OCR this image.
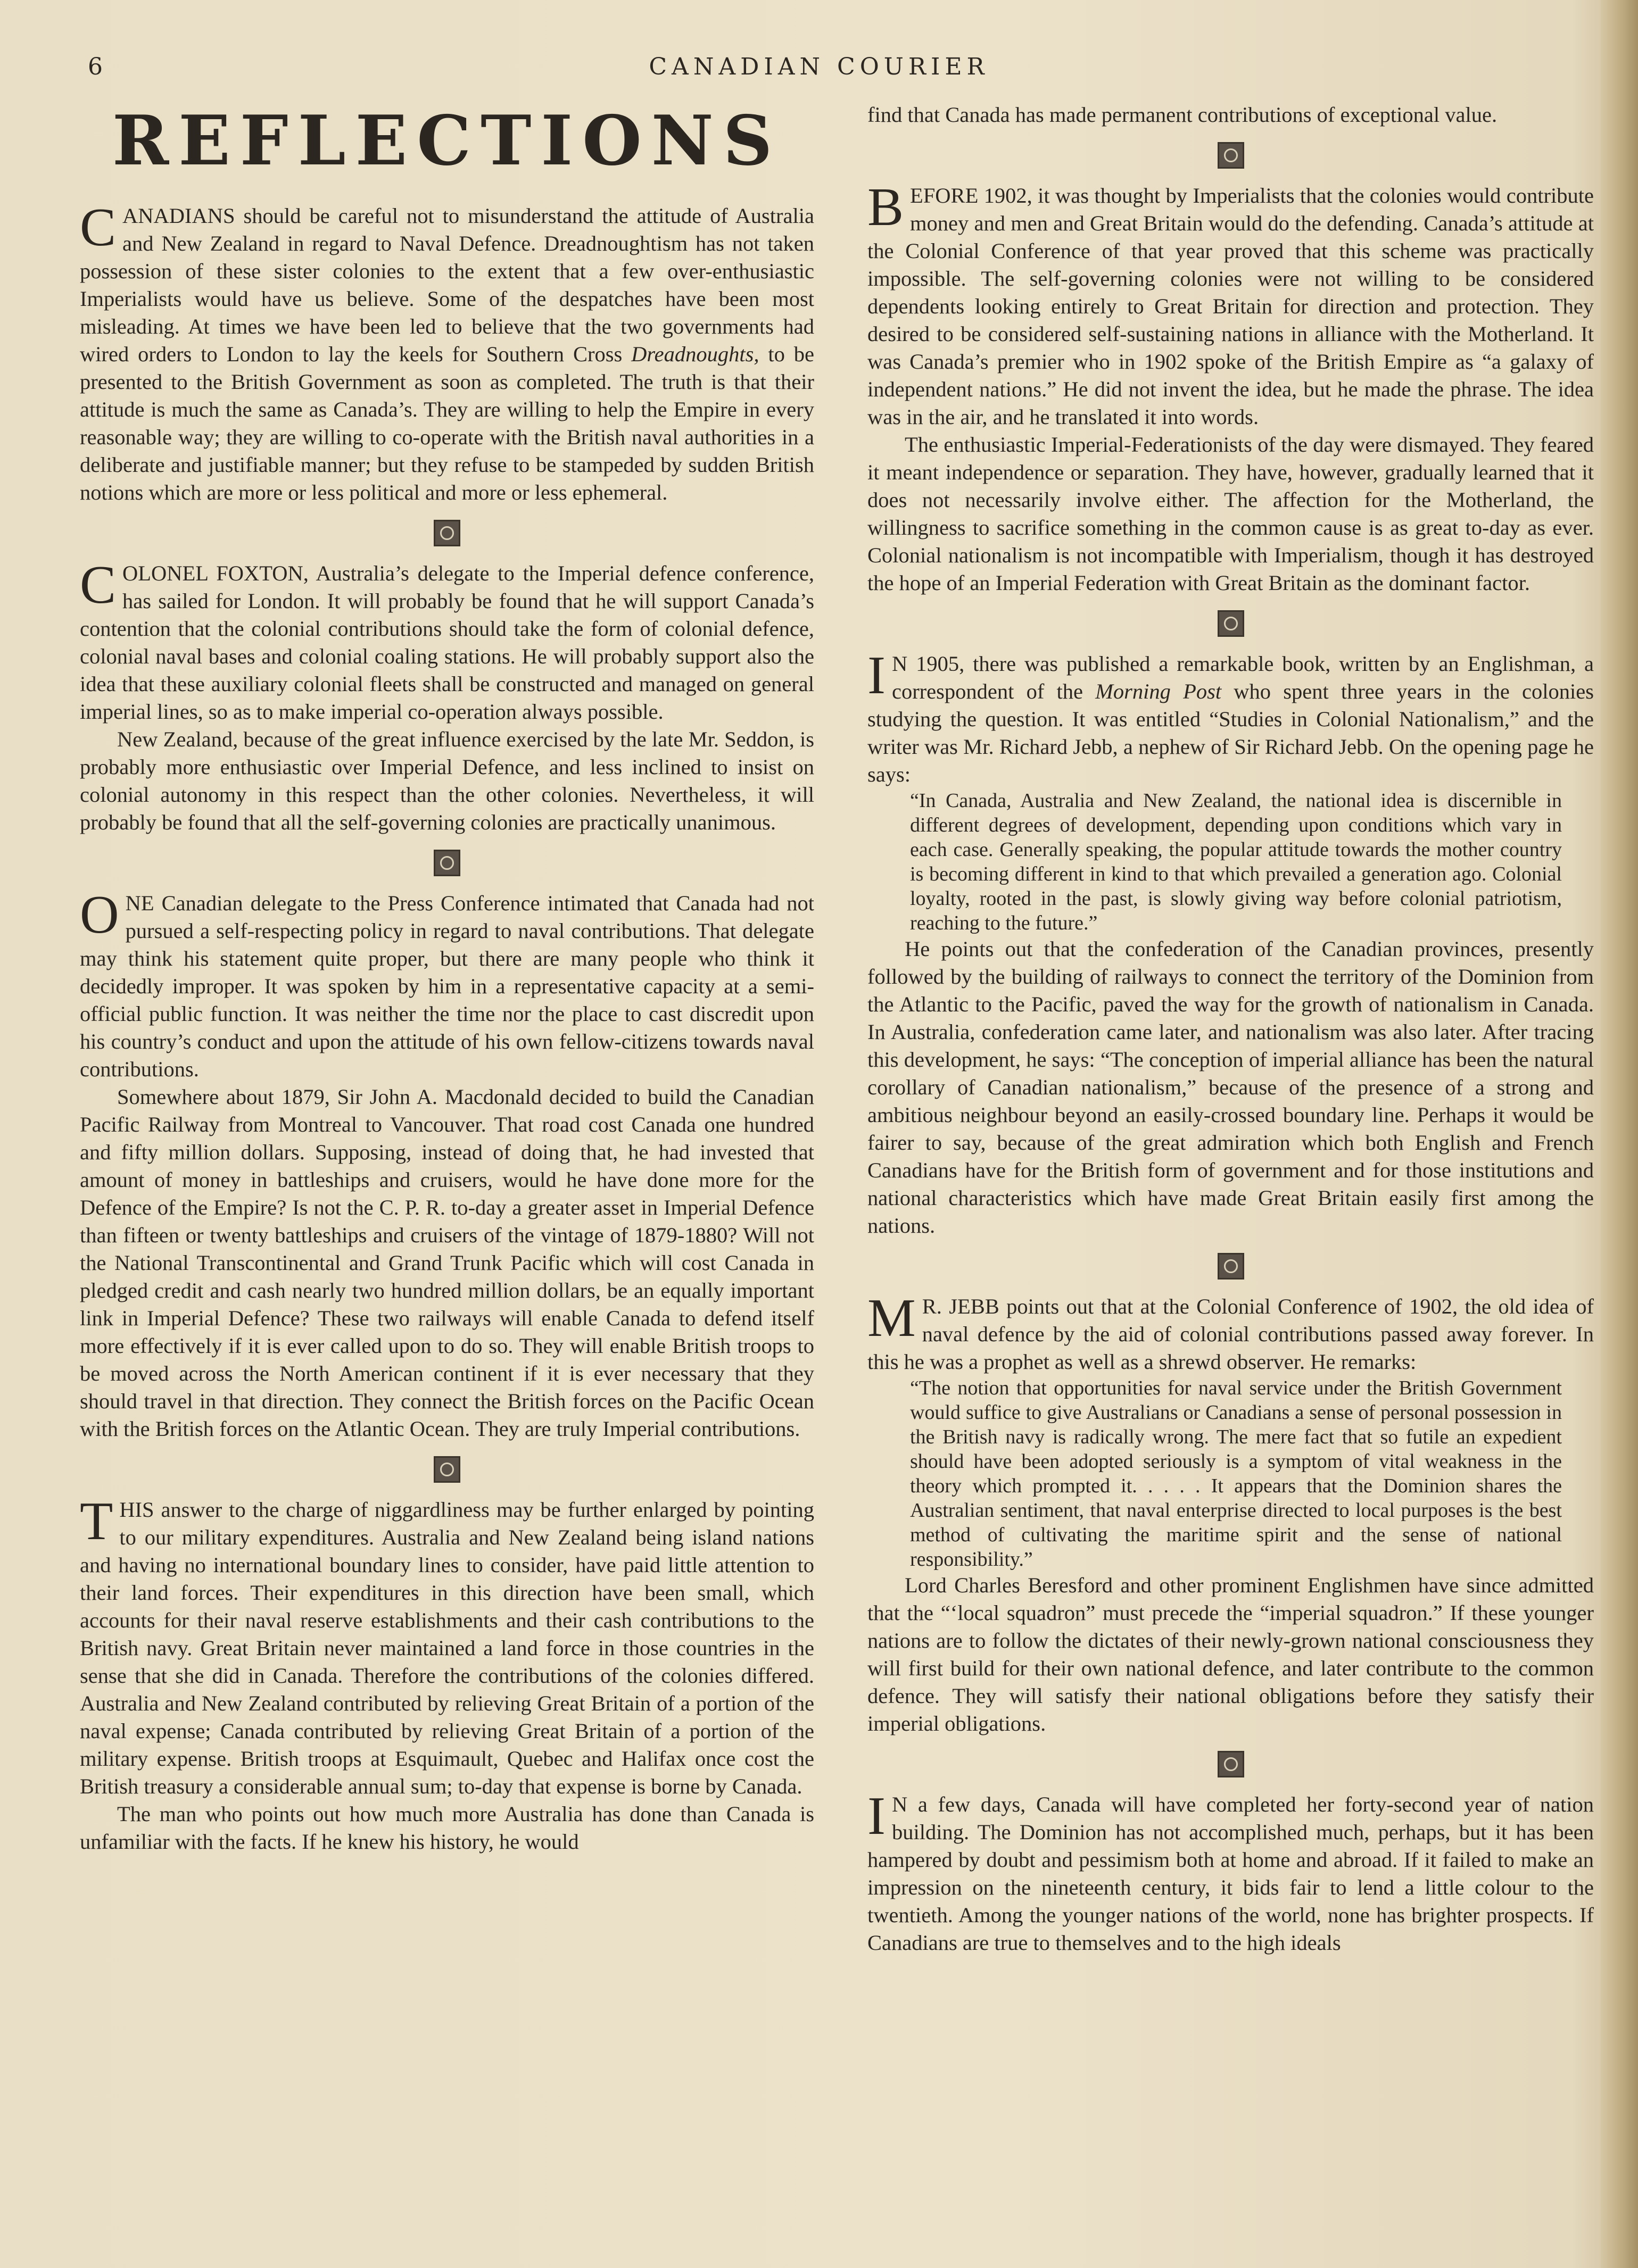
6	CANADIAN COURIER
REFLECTIONS

CANADIANS should be careful not to misunderstand the attitude of Australia and New Zealand in regard to Naval Defence. Dreadnoughtism has not taken possession of these sister colonies to the extent that a few over-enthusiastic Imperialists would have us believe. Some of the despatches have been most misleading. At times we have been led to believe that the two governments had wired orders to London to lay the keels for Southern Cross Dreadnoughts, to be presented to the British Government as soon as completed. The truth is that their attitude is much the same as Canada’s. They are willing to help the Empire in every reasonable way; they are willing to co-operate with the British naval authorities in a deliberate and justifiable manner; but they refuse to be stampeded by sudden British notions which are more or less political and more or less ephemeral.

COLONEL FOXTON, Australia’s delegate to the Imperial defence conference, has sailed for London. It will probably be found that he will support Canada’s contention that the colonial contributions should take the form of colonial defence, colonial naval bases and colonial coaling stations. He will probably support also the idea that these auxiliary colonial fleets shall be constructed and managed on general imperial lines, so as to make imperial co-operation always possible.

New Zealand, because of the great influence exercised by the late Mr. Seddon, is probably more enthusiastic over Imperial Defence, and less inclined to insist on colonial autonomy in this respect than the other colonies. Nevertheless, it will probably be found that all the self-governing colonies are practically unanimous.

ONE Canadian delegate to the Press Conference intimated that Canada had not pursued a self-respecting policy in regard to naval contributions. That delegate may think his statement quite proper, but there are many people who think it decidedly improper. It was spoken by him in a representative capacity at a semi-official public function. It was neither the time nor the place to cast discredit upon his country’s conduct and upon the attitude of his own fellow-citizens towards naval contributions.

Somewhere about 1879, Sir John A. Macdonald decided to build the Canadian Pacific Railway from Montreal to Vancouver. That road cost Canada one hundred and fifty million dollars. Supposing, instead of doing that, he had invested that amount of money in battleships and cruisers, would he have done more for the Defence of the Empire? Is not the C. P. R. to-day a greater asset in Imperial Defence than fifteen or twenty battleships and cruisers of the vintage of 1879-1880? Will not the National Transcontinental and Grand Trunk Pacific which will cost Canada in pledged credit and cash nearly two hundred million dollars, be an equally important link in Imperial Defence? These two railways will enable Canada to defend itself more effectively if it is ever called upon to do so. They will enable British troops to be moved across the North American continent if it is ever necessary that they should travel in that direction. They connect the British forces on the Pacific Ocean with the British forces on the Atlantic Ocean. They are truly Imperial contributions.

THIS answer to the charge of niggardliness may be further enlarged by pointing to our military expenditures. Australia and New Zealand being island nations and having no international boundary lines to consider, have paid little attention to their land forces. Their expenditures in this direction have been small, which accounts for their naval reserve establishments and their cash contributions to the British navy. Great Britain never maintained a land force in those countries in the sense that she did in Canada. Therefore the contributions of the colonies differed. Australia and New Zealand contributed by relieving Great Britain of a portion of the naval expense; Canada contributed by relieving Great Britain of a portion of the military expense. British troops at Esquimault, Quebec and Halifax once cost the British treasury a considerable annual sum; to-day that expense is borne by Canada.

The man who points out how much more Australia has done than Canada is unfamiliar with the facts. If he knew his history, he would

find that Canada has made permanent contributions of exceptional value.

BEFORE 1902, it was thought by Imperialists that the colonies would contribute money and men and Great Britain would do the defending. Canada’s attitude at the Colonial Conference of that year proved that this scheme was practically impossible. The self-governing colonies were not willing to be considered dependents looking entirely to Great Britain for direction and protection. They desired to be considered self-sustaining nations in alliance with the Motherland. It was Canada’s premier who in 1902 spoke of the British Empire as “a galaxy of independent nations.” He did not invent the idea, but he made the phrase. The idea was in the air, and he translated it into words.

The enthusiastic Imperial-Federationists of the day were dismayed. They feared it meant independence or separation. They have, however, gradually learned that it does not necessarily involve either. The affection for the Motherland, the willingness to sacrifice something in the common cause is as great to-day as ever. Colonial nationalism is not incompatible with Imperialism, though it has destroyed the hope of an Imperial Federation with Great Britain as the dominant factor.

I N 1905, there was published a remarkable book, written by an Englishman, a correspondent of the Morning Post who spent three years in the colonies studying the question. It was entitled “Studies in Colonial Nationalism,” and the writer was Mr. Richard Jebb, a nephew of Sir Richard Jebb. On the opening page he says:

“In Canada, Australia and New Zealand, the national idea is discernible in different degrees of development, depending upon conditions which vary in each case. Generally speaking, the popular attitude towards the mother country is becoming different in kind to that which prevailed a generation ago. Colonial loyalty, rooted in the past, is slowly giving way before colonial patriotism, reaching to the future.”

He points out that the confederation of the Canadian provinces, presently followed by the building of railways to connect the territory of the Dominion from the Atlantic to the Pacific, paved the way for the growth of nationalism in Canada. In Australia, confederation came later, and nationalism was also later. After tracing this development, he says: “The conception of imperial alliance has been the natural corollary of Canadian nationalism,” because of the presence of a strong and ambitious neighbour beyond an easily-crossed boundary line. Perhaps it would be fairer to say, because of the great admiration which both English and French Canadians have for the British form of government and for those institutions and national characteristics which have made Great Britain easily first among the nations.

M R. JEBB points out that at the Colonial Conference of 1902, the old idea of naval defence by the aid of colonial contributions passed away forever. In this he was a prophet as well as a shrewd observer. He remarks:

“The notion that opportunities for naval service under the British Government would suffice to give Australians or Canadians a sense of personal possession in the British navy is radically wrong. The mere fact that so futile an expedient should have been adopted seriously is a symptom of vital weakness in the theory which prompted it. . . . . It appears that the Dominion shares the Australian sentiment, that naval enterprise directed to local purposes is the best method of cultivating the maritime spirit and the sense of national responsibility.”

Lord Charles Beresford and other prominent Englishmen have since admitted that the “‘local squadron” must precede the “imperial squadron.” If these younger nations are to follow the dictates of their newly-grown national consciousness they will first build for their own national defence, and later contribute to the common defence. They will satisfy their national obligations before they satisfy their imperial obligations.

I N a few days, Canada will have completed her forty-second year of nation building. The Dominion has not accomplished much, perhaps, but it has been hampered by doubt and pessimism both at home and abroad. If it failed to make an impression on the nineteenth century, it bids fair to lend a little colour to the twentieth. Among the younger nations of the world, none has brighter prospects. If Canadians are true to themselves and to the high ideals
